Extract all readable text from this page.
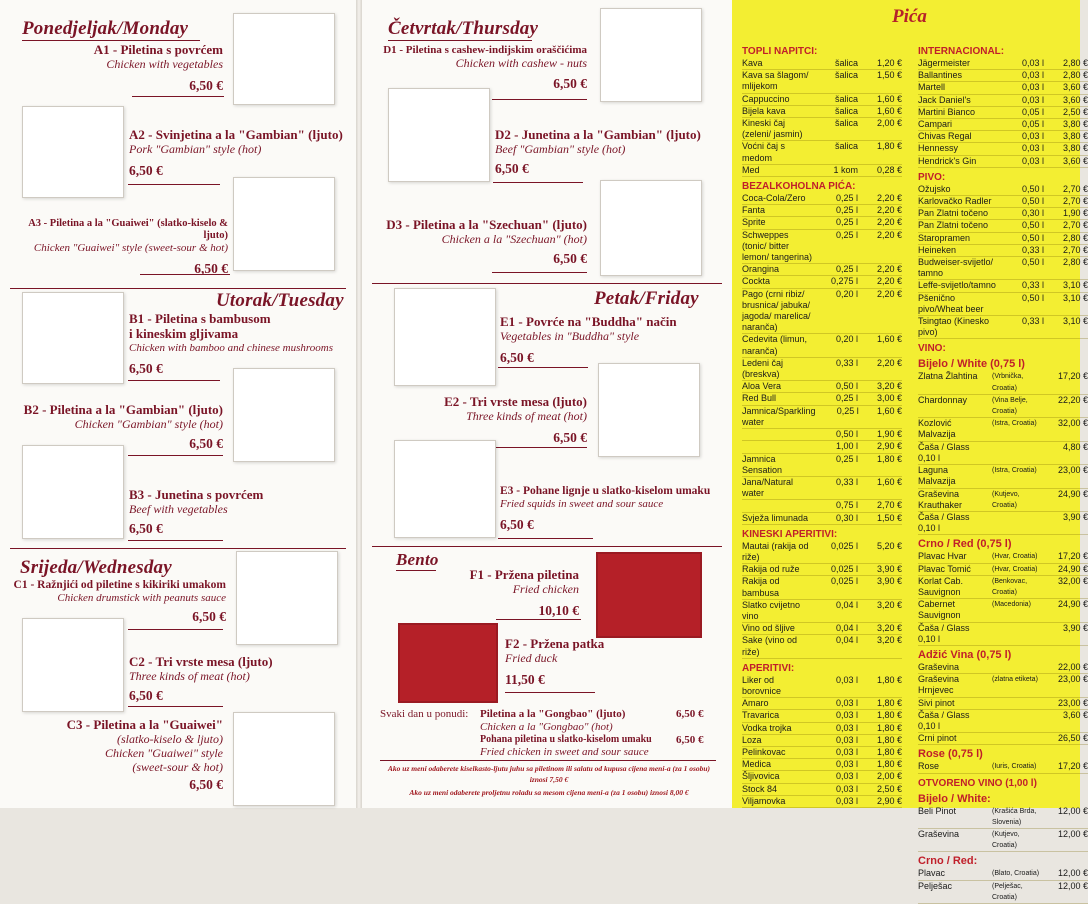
Ponedjeljak/Monday
A1 - Piletina s povrćem
Chicken with vegetables
6,50 €
A2 - Svinjetina a la "Gambian" (ljuto)
Pork "Gambian" style (hot)
6,50 €
A3 - Piletina a la "Guaiwei" (slatko-kiselo & ljuto)
Chicken "Guaiwei" style (sweet-sour & hot)
6,50 €
Utorak/Tuesday
B1 - Piletina s bambusom
i kineskim gljivama
Chicken with bamboo and chinese mushrooms
6,50 €
B2 - Piletina a la "Gambian" (ljuto)
Chicken "Gambian" style (hot)
6,50 €
B3 - Junetina s povrćem
Beef with vegetables
6,50 €
Srijeda/Wednesday
C1 - Ražnjići od piletine s kikiriki umakom
Chicken drumstick with peanuts sauce
6,50 €
C2 - Tri vrste mesa (ljuto)
Three kinds of meat (hot)
6,50 €
C3 - Piletina a la "Guaiwei"
(slatko-kiselo & ljuto)
Chicken "Guaiwei" style
(sweet-sour & hot)
6,50 €
Četvrtak/Thursday
D1 - Piletina s cashew-indijskim oraščićima
Chicken with cashew - nuts
6,50 €
D2 - Junetina a la "Gambian" (ljuto)
Beef "Gambian" style (hot)
6,50 €
D3 - Piletina a la "Szechuan" (ljuto)
Chicken a la "Szechuan" (hot)
6,50 €
Petak/Friday
E1 - Povrće na "Buddha" način
Vegetables in "Buddha" style
6,50 €
E2 - Tri vrste mesa (ljuto)
Three kinds of meat (hot)
6,50 €
E3 - Pohane lignje u slatko-kiselom umaku
Fried squids in sweet and sour sauce
6,50 €
Bento
F1 - Pržena piletina
Fried chicken
10,10 €
F2 - Pržena patka
Fried duck
11,50 €
Svaki dan u ponudi: Piletina a la "Gongbao" (ljuto)
Chicken a la "Gongbao" (hot)
Pohana piletina u slatko-kiselom umaku
Fried chicken in sweet and sour sauce
6,50 €
6,50 €
Ako uz meni odaberete kiselkasto-ljutu juhu sa piletinom ili salatu od kupusa cijena meni-a (za 1 osobu) iznosi 7,50 €
Ako uz meni odaberete proljetnu roladu sa mesom cijena meni-a (za 1 osobu) iznosi 8,00 €
Pića
TOPLI NAPITCI:
Kava	šalica	1,20 €
Kava sa šlagom/ mlijekom
šalica	1,50 €
Cappuccino	šalica	1,60 €
Bijela kava	šalica	1,60 €
Kineski čaj (zeleni/ jasmin)
šalica	2,00 €
Voćni čaj s medom
šalica	1,80 €
Med	1 kom	0,28 €
BEZALKOHOLNA PIĆA:
Coca-Cola/Zero	0,25 l	2,20 €
Fanta	0,25 l	2,20 €
Sprite	0,25 l	2,20 €
Schweppes (tonic/ bitter lemon/ tangerina)
0,25 l	2,20 €
Orangina	0,25 l	2,20 €
Cockta	0,275 l	2,20 €
Pago (crni ribiz/ brusnica/ jabuka/ jagoda/ marelica/ naranča)
0,20 l	2,20 €
Cedevita (limun, naranča)
0,20 l	1,60 €
Ledeni čaj (breskva)
0,33 l	2,20 €
Aloa Vera	0,50 l	3,20 €
Red Bull	0,25 l	3,00 €
Jamnica/Sparkling water
0,25 l	1,60 €
0,50 l	1,90 €
1,00 l	2,90 €
Jamnica Sensation
0,25 l	1,80 €
Jana/Natural water
0,33 l	1,60 €
0,75 l	2,70 €
Svježa limunada	0,30 l	1,50 €
KINESKI APERITIVI:
Mautai (rakija od riže)
0,025 l	5,20 €
Rakija od ruže	0,025 l	3,90 €
Rakija od bambusa
0,025 l	3,90 €
Slatko cvijetno vino
0,04 l	3,20 €
Vino od šljive	0,04 l	3,20 €
Sake (vino od riže)
0,04 l	3,20 €
APERITIVI:
Liker od borovnice
0,03 l	1,80 €
Amaro	0,03 l	1,80 €
Travarica	0,03 l	1,80 €
Vodka trojka	0,03 l	1,80 €
Loza	0,03 l	1,80 €
Pelinkovac	0,03 l	1,80 €
Medica	0,03 l	1,80 €
Šljivovica	0,03 l	2,00 €
Stock 84	0,03 l	2,50 €
Viljamovka	0,03 l	2,90 €
INTERNACIONAL:
Jägermeister	0,03 l	2,80 €
Ballantines	0,03 l	2,80 €
Martell	0,03 l	3,60 €
Jack Daniel's	0,03 l	3,60 €
Martini Bianco	0,05 l	2,50 €
Campari	0,05 l	3,80 €
Chivas Regal	0,03 l	3,80 €
Hennessy	0,03 l	3,80 €
Hendrick's Gin	0,03 l	3,60 €
PIVO:
Ožujsko	0,50 l	2,70 €
Karlovačko Radler	0,50 l	2,70 €
Pan Zlatni točeno	0,30 l	1,90 €
Pan Zlatni točeno	0,50 l	2,70 €
Staropramen	0,50 l	2,80 €
Heineken	0,33 l	2,70 €
Budweiser-svijetlo/ tamno
0,50 l	2,80 €
Leffe-svijetlo/tamno	0,33 l	3,10 €
Pšenično pivo/Wheat beer
0,50 l	3,10 €
Tsingtao (Kinesko pivo)
0,33 l	3,10 €
VINO:
Bijelo / White (0,75 l)
Zlatna Žlahtina	(Vrbnička, Croatia)
17,20 €
Chardonnay	(Vina Belje, Croatia)
22,20 €
Kozlović Malvazija
(Istra, Croatia)	32,00 €
Čaša / Glass 0,10 l
4,80 €
Laguna Malvazija
(Istra, Croatia)	23,00 €
Graševina Krauthaker
(Kutjevo, Croatia)
24,90 €
Čaša / Glass 0,10 l
3,90 €
Crno / Red (0,75 l)
Plavac Hvar	(Hvar, Croatia)	17,20 €
Plavac Tomić	(Hvar, Croatia)	24,90 €
Korlat Cab. Sauvignon
(Benkovac, Croatia)
32,00 €
Cabernet Sauvignon
(Macedonia)	24,90 €
Čaša / Glass 0,10 l
3,90 €
Adžić Vina (0,75 l)
Graševina	22,00 €
Graševina Hrnjevec
(zlatna etiketa)	23,00 €
Sivi pinot	23,00 €
Čaša / Glass 0,10 l
3,60 €
Crni pinot	26,50 €
Rose (0,75 l)
Rose	(Iuris, Croatia)	17,20 €
OTVORENO VINO (1,00 l)
Bijelo / White:
Beli Pinot	(Krašića Brda, Slovenia)
12,00 €
Graševina	(Kutjevo, Croatia)
12,00 €
Crno / Red:
Plavac	(Blato, Croatia)	12,00 €
Pelješac	(Pelješac, Croatia)
12,00 €
